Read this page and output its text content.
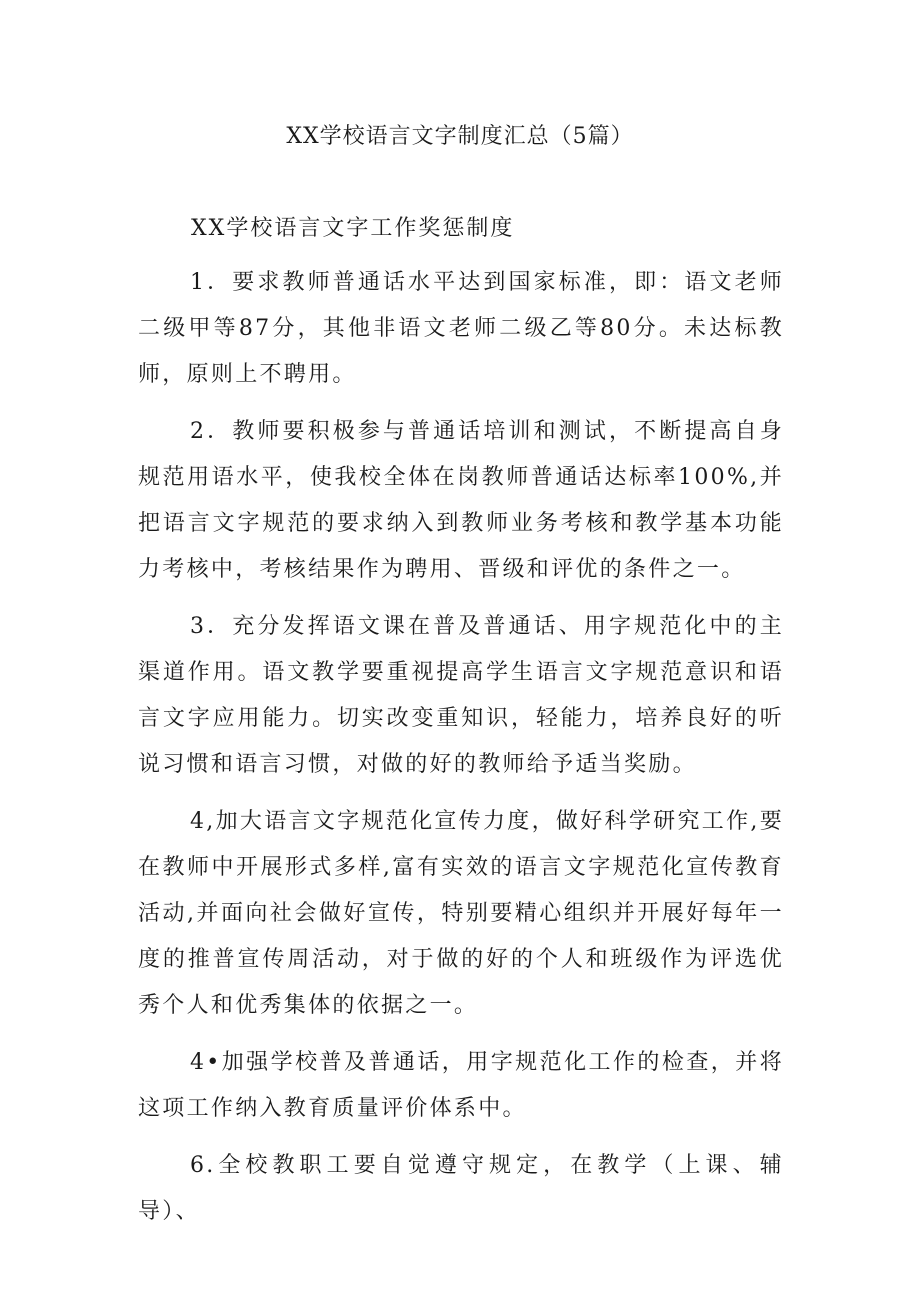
XX学校语言文字制度汇总（5篇）
XX学校语言文字工作奖惩制度

1．要求教师普通话水平达到国家标准，即：语文老师二级甲等87分，其他非语文老师二级乙等80分。未达标教师，原则上不聘用。

2．教师要积极参与普通话培训和测试，不断提高自身规范用语水平，使我校全体在岗教师普通话达标率100%,并把语言文字规范的要求纳入到教师业务考核和教学基本功能力考核中，考核结果作为聘用、晋级和评优的条件之一。

3．充分发挥语文课在普及普通话、用字规范化中的主渠道作用。语文教学要重视提高学生语言文字规范意识和语言文字应用能力。切实改变重知识，轻能力，培养良好的听说习惯和语言习惯，对做的好的教师给予适当奖励。

4,加大语言文字规范化宣传力度，做好科学研究工作,要在教师中开展形式多样,富有实效的语言文字规范化宣传教育活动,并面向社会做好宣传，特别要精心组织并开展好每年一度的推普宣传周活动，对于做的好的个人和班级作为评选优秀个人和优秀集体的依据之一。

4•加强学校普及普通话，用字规范化工作的检查，并将这项工作纳入教育质量评价体系中。

6.全校教职工要自觉遵守规定，在教学（上课、辅导）、
